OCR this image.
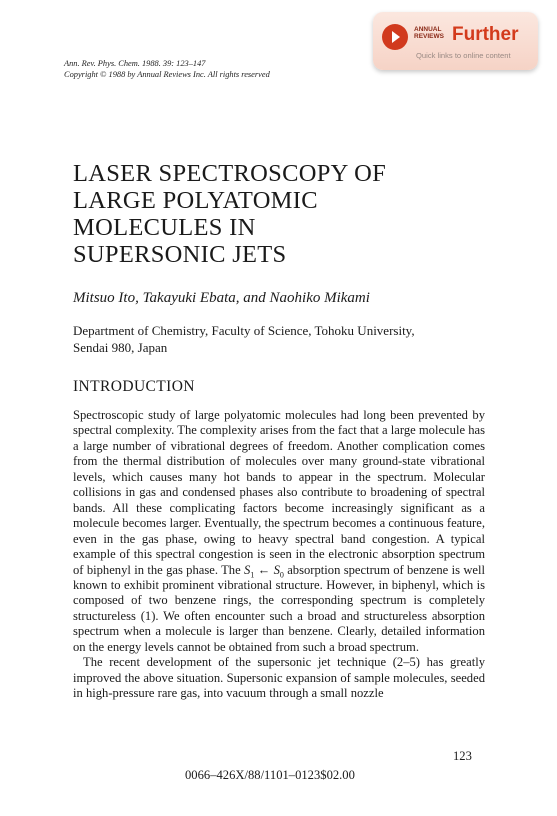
Ann. Rev. Phys. Chem. 1988. 39: 123–147
Copyright © 1988 by Annual Reviews Inc. All rights reserved
ANNUAL
REVIEWS Further
Quick links to online content
LASER SPECTROSCOPY OF
LARGE POLYATOMIC
MOLECULES IN
SUPERSONIC JETS
Mitsuo Ito, Takayuki Ebata, and Naohiko Mikami
Department of Chemistry, Faculty of Science, Tohoku University,
Sendai 980, Japan
INTRODUCTION

Spectroscopic study of large polyatomic molecules had long been prevented by spectral complexity. The complexity arises from the fact that a large molecule has a large number of vibrational degrees of freedom. Another complication comes from the thermal distribution of molecules over many ground-state vibrational levels, which causes many hot bands to appear in the spectrum. Molecular collisions in gas and condensed phases also contribute to broadening of spectral bands. All these complicating factors become increasingly significant as a molecule becomes larger. Eventually, the spectrum becomes a continuous feature, even in the gas phase, owing to heavy spectral band congestion. A typical example of this spectral congestion is seen in the electronic absorption spectrum of biphenyl in the gas phase. The $S_1$ ← $S_0$ absorption spectrum of benzene is well known to exhibit prominent vibrational structure. However, in biphenyl, which is composed of two benzene rings, the corresponding spectrum is completely structureless (1). We often encounter such a broad and structureless absorption spectrum when a molecule is larger than benzene. Clearly, detailed information on the energy levels cannot be obtained from such a broad spectrum.

The recent development of the supersonic jet technique (2–5) has greatly improved the above situation. Supersonic expansion of sample molecules, seeded in high-pressure rare gas, into vacuum through a small nozzle

123
0066–426X/88/1101–0123$02.00
